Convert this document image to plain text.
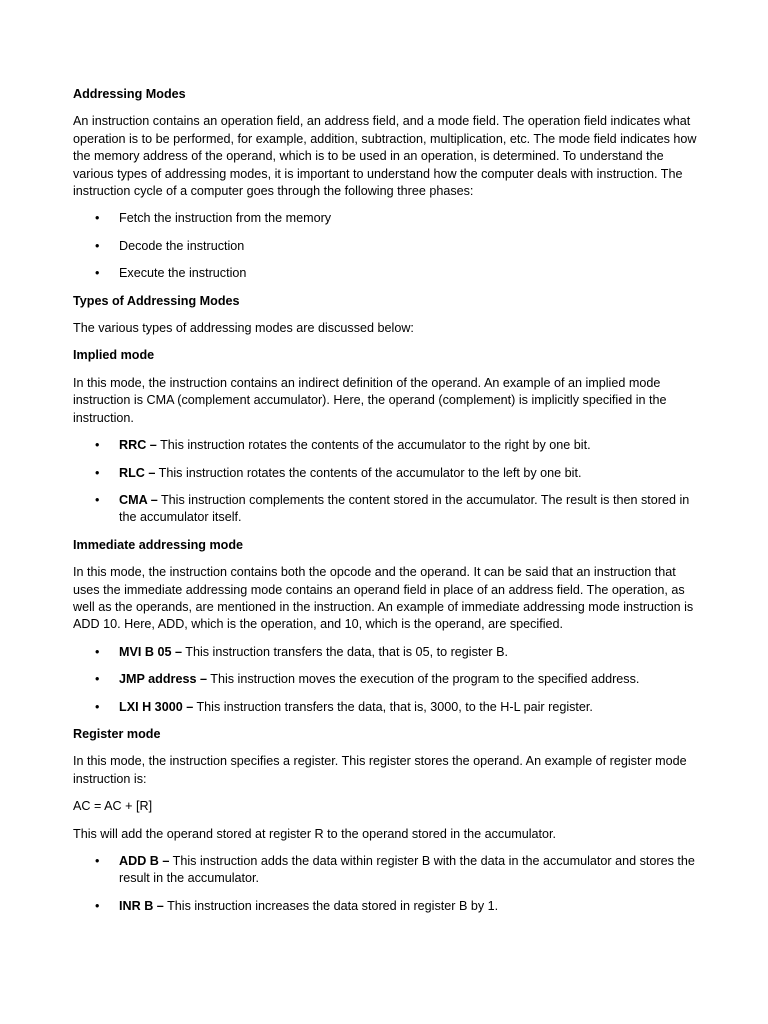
Addressing Modes

An instruction contains an operation field, an address field, and a mode field. The operation field indicates what operation is to be performed, for example, addition, subtraction, multiplication, etc. The mode field indicates how the memory address of the operand, which is to be used in an operation, is determined. To understand the various types of addressing modes, it is important to understand how the computer deals with instruction. The instruction cycle of a computer goes through the following three phases:

• Fetch the instruction from the memory
• Decode the instruction
• Execute the instruction

Types of Addressing Modes

The various types of addressing modes are discussed below:

Implied mode

In this mode, the instruction contains an indirect definition of the operand. An example of an implied mode instruction is CMA (complement accumulator). Here, the operand (complement) is implicitly specified in the instruction.

• RRC – This instruction rotates the contents of the accumulator to the right by one bit.
• RLC – This instruction rotates the contents of the accumulator to the left by one bit.
• CMA – This instruction complements the content stored in the accumulator. The result is then stored in the accumulator itself.

Immediate addressing mode

In this mode, the instruction contains both the opcode and the operand. It can be said that an instruction that uses the immediate addressing mode contains an operand field in place of an address field. The operation, as well as the operands, are mentioned in the instruction. An example of immediate addressing mode instruction is ADD 10. Here, ADD, which is the operation, and 10, which is the operand, are specified.

• MVI B 05 – This instruction transfers the data, that is 05, to register B.
• JMP address – This instruction moves the execution of the program to the specified address.
• LXI H 3000 – This instruction transfers the data, that is, 3000, to the H-L pair register.

Register mode

In this mode, the instruction specifies a register. This register stores the operand. An example of register mode instruction is:

AC = AC + [R]

This will add the operand stored at register R to the operand stored in the accumulator.

• ADD B – This instruction adds the data within register B with the data in the accumulator and stores the result in the accumulator.
• INR B – This instruction increases the data stored in register B by 1.
